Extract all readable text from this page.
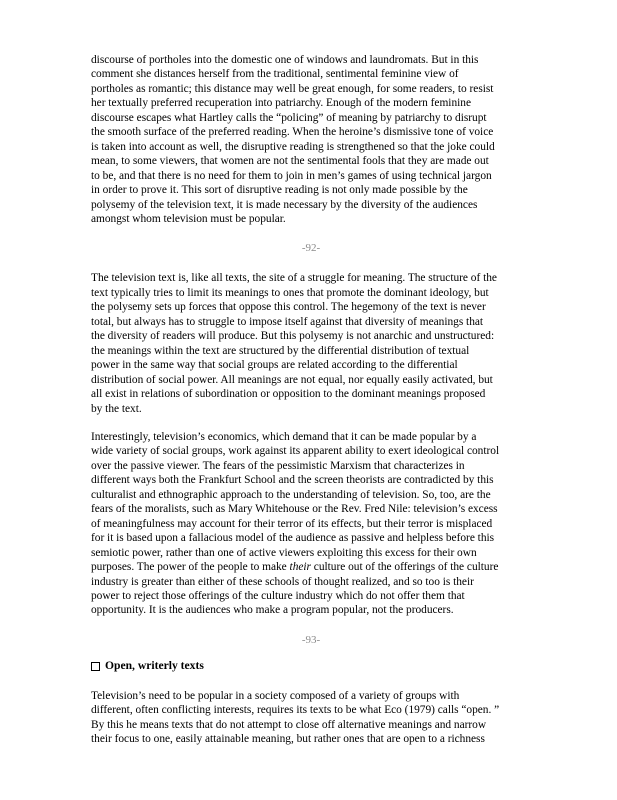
discourse of portholes into the domestic one of windows and laundromats. But in this
comment she distances herself from the traditional, sentimental feminine view of
portholes as romantic; this distance may well be great enough, for some readers, to resist
her textually preferred recuperation into patriarchy. Enough of the modern feminine
discourse escapes what Hartley calls the “policing” of meaning by patriarchy to disrupt
the smooth surface of the preferred reading. When the heroine’s dismissive tone of voice
is taken into account as well, the disruptive reading is strengthened so that the joke could
mean, to some viewers, that women are not the sentimental fools that they are made out
to be, and that there is no need for them to join in men’s games of using technical jargon
in order to prove it. This sort of disruptive reading is not only made possible by the
polysemy of the television text, it is made necessary by the diversity of the audiences
amongst whom television must be popular.

-92-

The television text is, like all texts, the site of a struggle for meaning. The structure of the
text typically tries to limit its meanings to ones that promote the dominant ideology, but
the polysemy sets up forces that oppose this control. The hegemony of the text is never
total, but always has to struggle to impose itself against that diversity of meanings that
the diversity of readers will produce. But this polysemy is not anarchic and unstructured:
the meanings within the text are structured by the differential distribution of textual
power in the same way that social groups are related according to the differential
distribution of social power. All meanings are not equal, nor equally easily activated, but
all exist in relations of subordination or opposition to the dominant meanings proposed
by the text.

Interestingly, television’s economics, which demand that it can be made popular by a
wide variety of social groups, work against its apparent ability to exert ideological control
over the passive viewer. The fears of the pessimistic Marxism that characterizes in
different ways both the Frankfurt School and the screen theorists are contradicted by this
culturalist and ethnographic approach to the understanding of television. So, too, are the
fears of the moralists, such as Mary Whitehouse or the Rev. Fred Nile: television’s excess
of meaningfulness may account for their terror of its effects, but their terror is misplaced
for it is based upon a fallacious model of the audience as passive and helpless before this
semiotic power, rather than one of active viewers exploiting this excess for their own
purposes. The power of the people to make their culture out of the offerings of the culture
industry is greater than either of these schools of thought realized, and so too is their
power to reject those offerings of the culture industry which do not offer them that
opportunity. It is the audiences who make a program popular, not the producers.

-93-
Open, writerly texts

Television’s need to be popular in a society composed of a variety of groups with
different, often conflicting interests, requires its texts to be what Eco (1979) calls “open. ”
By this he means texts that do not attempt to close off alternative meanings and narrow
their focus to one, easily attainable meaning, but rather ones that are open to a richness
